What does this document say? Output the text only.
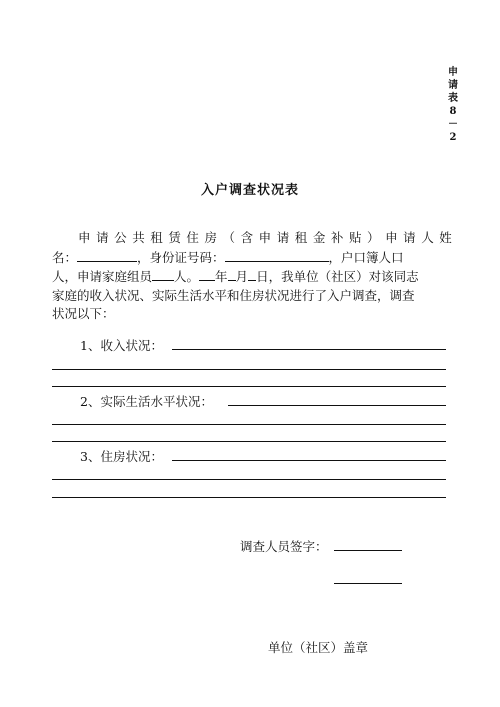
申
请
表
8
－
2
入户调查状况表
申 请 公 共 租 赁 住 房 （ 含 申 请 租 金 补 贴 ） 申 请 人 姓
名：	，身份证号码：	，户口簿人口
人，申请家庭组员 人。 年 月 日，我单位（社区）对该同志
家庭的收入状况、实际生活水平和住房状况进行了入户调查，调查
状况以下：
1、收入状况：
2、实际生活水平状况：
3、住房状况：
调查人员签字：
单位（社区）盖章
